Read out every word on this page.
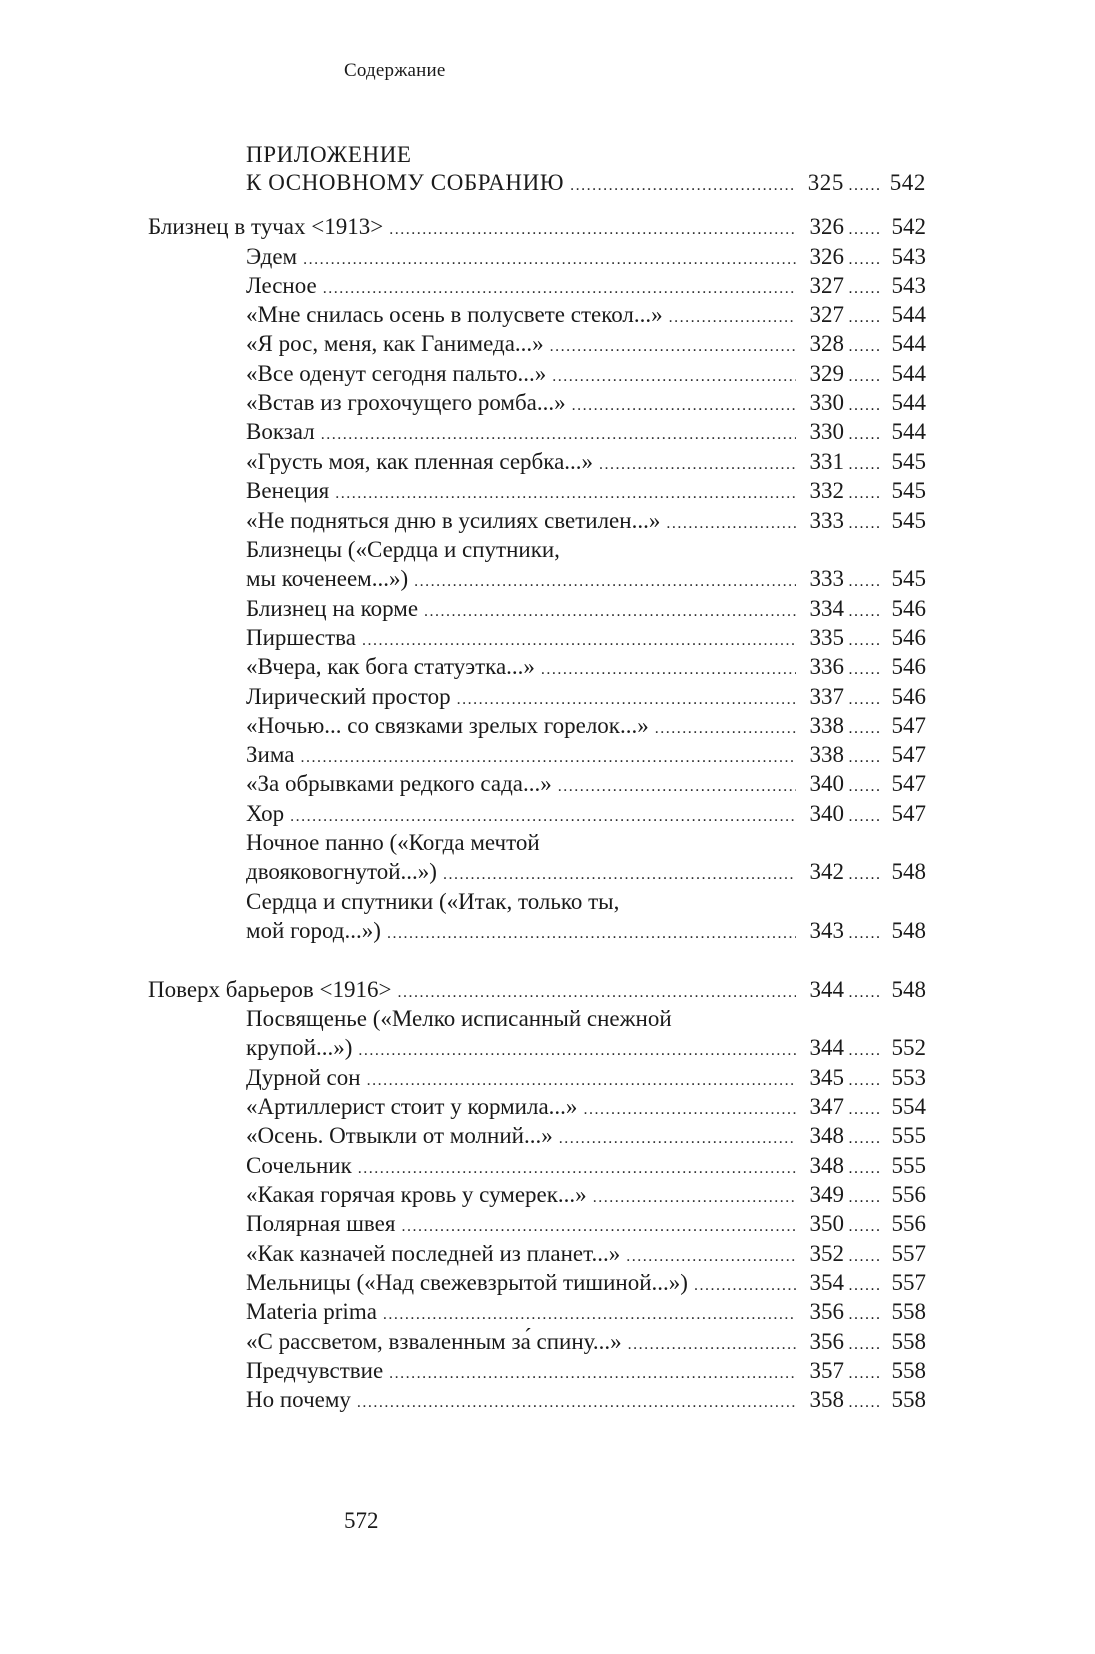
Содержание
ПРИЛОЖЕНИЕ
К ОСНОВНОМУ СОБРАНИЮ .....	325 ...... 542
Близнец в тучах <1913> .....	326 ...... 542
Эдем .....	326 ...... 543
Лесное .....	327 ...... 543
«Мне снилась осень в полусвете стекол...» .....	327 ...... 544
«Я рос, меня, как Ганимеда...» .....	328 ...... 544
«Все оденут сегодня пальто...» .....	329 ...... 544
«Встав из грохочущего ромба...» .....	330 ...... 544
Вокзал .....	330 ...... 544
«Грусть моя, как пленная сербка...» .....	331 ...... 545
Венеция .....	332 ...... 545
«Не подняться дню в усилиях светилен...» .....	333 ...... 545
Близнецы («Сердца и спутники,
мы коченеем...») .....	333 ...... 545
Близнец на корме .....	334 ...... 546
Пиршества .....	335 ...... 546
«Вчера, как бога статуэтка...» .....	336 ...... 546
Лирический простор .....	337 ...... 546
«Ночью... со связками зрелых горелок...» .....	338 ...... 547
Зима .....	338 ...... 547
«За обрывками редкого сада...» .....	340 ...... 547
Хор .....	340 ...... 547
Ночное панно («Когда мечтой
двояковогнутой...») .....	342 ...... 548
Сердца и спутники («Итак, только ты,
мой город...») .....	343 ...... 548
Поверх барьеров <1916> .....	344 ...... 548
Посвященье («Мелко исписанный снежной
крупой...») .....	344 ...... 552
Дурной сон .....	345 ...... 553
«Артиллерист стоит у кормила...» .....	347 ...... 554
«Осень. Отвыкли от молний...» .....	348 ...... 555
Сочельник .....	348 ...... 555
«Какая горячая кровь у сумерек...» .....	349 ...... 556
Полярная швея .....	350 ...... 556
«Как казначей последней из планет...» .....	352 ...... 557
Мельницы («Над свежевзрытой тишиной...») .....	354 ...... 557
Materia prima .....	356 ...... 558
«С рассветом, взваленным за́ спину...» .....	356 ...... 558
Предчувствие .....	357 ...... 558
Но почему .....	358 ...... 558
572
